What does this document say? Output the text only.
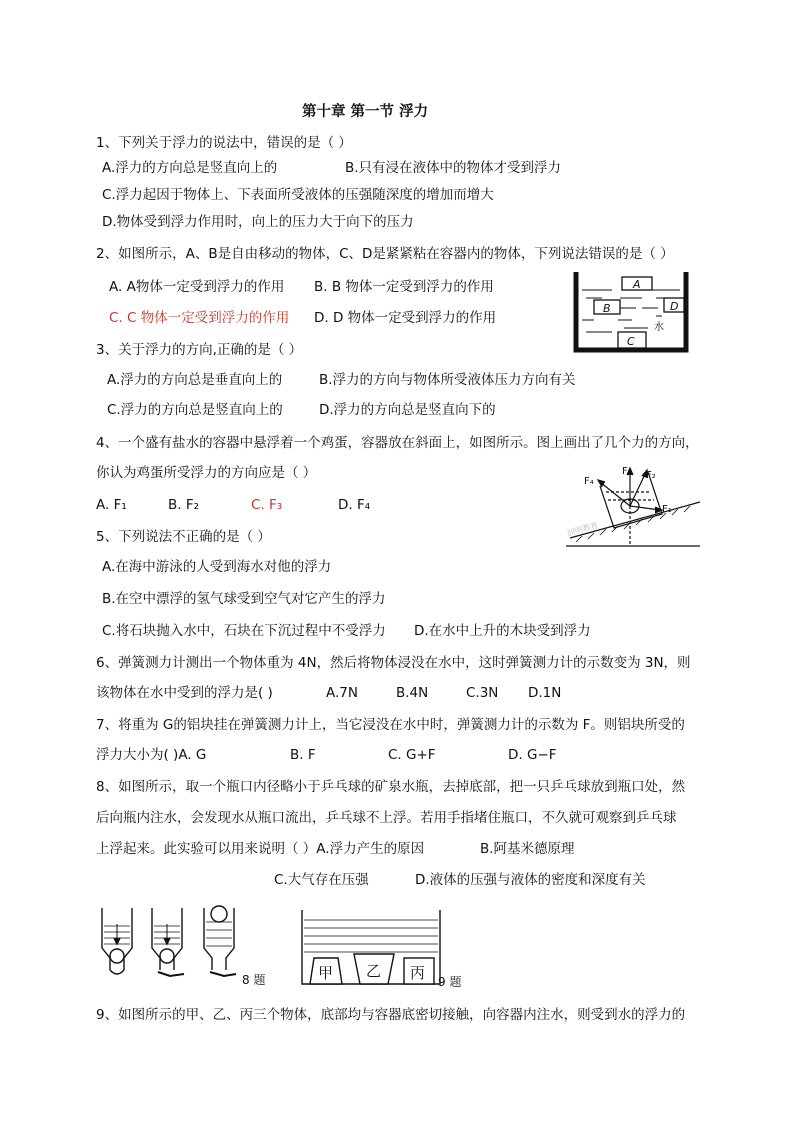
第十章 第一节 浮力
1、下列关于浮力的说法中，错误的是（ ）
A.浮力的方向总是竖直向上的	B.只有浸在液体中的物体才受到浮力
C.浮力起因于物体上、下表面所受液体的压强随深度的增加而增大
D.物体受到浮力作用时，向上的压力大于向下的压力
2、如图所示，A、B是自由移动的物体，C、D是紧紧粘在容器内的物体，下列说法错误的是（ ）
A. A物体一定受到浮力的作用 B. B 物体一定受到浮力的作用
C. C 物体一定受到浮力的作用 D. D 物体一定受到浮力的作用
A
B	D
C
水
3、关于浮力的方向,正确的是（ ）
A.浮力的方向总是垂直向上的	B.浮力的方向与物体所受液体压力方向有关
C.浮力的方向总是竖直向上的	D.浮力的方向总是竖直向下的
4、一个盛有盐水的容器中悬浮着一个鸡蛋，容器放在斜面上，如图所示。图上画出了几个力的方向，
你认为鸡蛋所受浮力的方向应是（ ）
A. F₁	B. F₂	C. F₃	D. F₄
F₄
F₃ F₂
F₁
润明教育
5、下列说法不正确的是（ ）
A.在海中游泳的人受到海水对他的浮力
B.在空中漂浮的氢气球受到空气对它产生的浮力
C.将石块抛入水中，石块在下沉过程中不受浮力 D.在水中上升的木块受到浮力
6、弹簧测力计测出一个物体重为 4N，然后将物体浸没在水中，这时弹簧测力计的示数变为 3N，则
该物体在水中受到的浮力是( )	A.7N	B.4N	C.3N D.1N
7、将重为 G的铝块挂在弹簧测力计上，当它浸没在水中时，弹簧测力计的示数为 F。则铝块所受的
浮力大小为( )A. G	B. F	C. G+F	D. G−F
8、如图所示，取一个瓶口内径略小于乒乓球的矿泉水瓶，去掉底部，把一只乒乓球放到瓶口处，然
后向瓶内注水，会发现水从瓶口流出，乒乓球不上浮。若用手指堵住瓶口，不久就可观察到乒乓球
上浮起来。此实验可以用来说明（ ）A.浮力产生的原因	B.阿基米德原理
C.大气存在压强	D.液体的压强与液体的密度和深度有关
8 题	甲 乙 丙 9 题
9、如图所示的甲、乙、丙三个物体，底部均与容器底密切接触，向容器内注水，则受到水的浮力的
